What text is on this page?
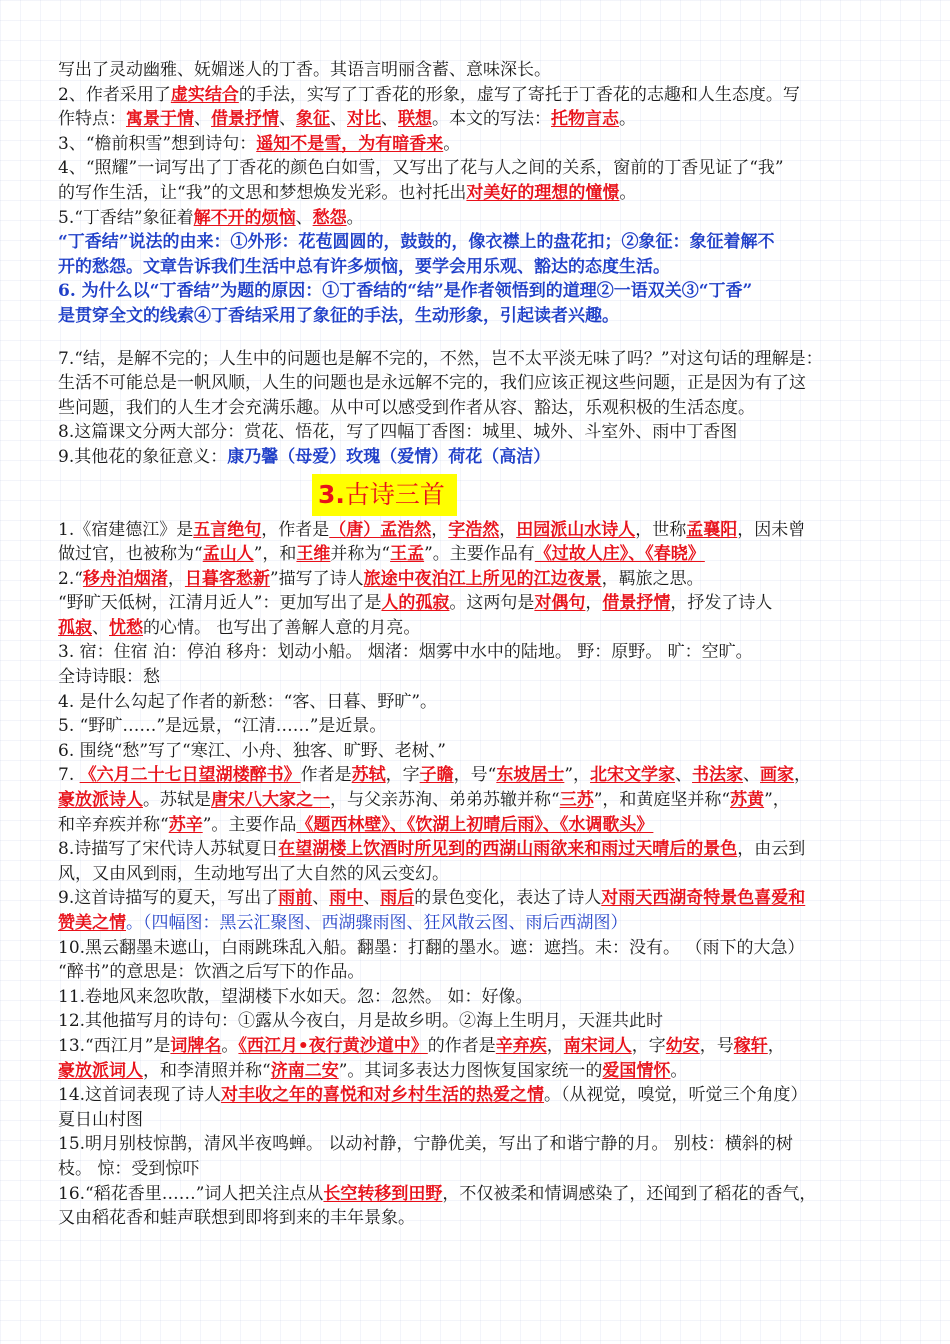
写出了灵动幽雅、妩媚迷人的丁香。其语言明丽含蓄、意味深长。
2、作者采用了虚实结合的手法，实写了丁香花的形象，虚写了寄托于丁香花的志趣和人生态度。写
作特点：寓景于情、借景抒情、象征、对比、联想。本文的写法：托物言志。
3、“檐前积雪”想到诗句：遥知不是雪，为有暗香来。
4、“照耀”一词写出了丁香花的颜色白如雪，又写出了花与人之间的关系，窗前的丁香见证了“我”
的写作生活，让“我”的文思和梦想焕发光彩。也衬托出对美好的理想的憧憬。
5.“丁香结”象征着解不开的烦恼、愁怨。
“丁香结”说法的由来：①外形：花苞圆圆的，鼓鼓的，像衣襟上的盘花扣；②象征：象征着解不
开的愁怨。文章告诉我们生活中总有许多烦恼，要学会用乐观、豁达的态度生活。
6. 为什么以“丁香结”为题的原因：①丁香结的“结”是作者领悟到的道理②一语双关③“丁香”
是贯穿全文的线索④丁香结采用了象征的手法，生动形象，引起读者兴趣。
7.“结，是解不完的；人生中的问题也是解不完的，不然，岂不太平淡无味了吗？”对这句话的理解是：
生活不可能总是一帆风顺，人生的问题也是永远解不完的，我们应该正视这些问题，正是因为有了这
些问题，我们的人生才会充满乐趣。从中可以感受到作者从容、豁达，乐观积极的生活态度。
8.这篇课文分两大部分：赏花、悟花，写了四幅丁香图：城里、城外、斗室外、雨中丁香图
9.其他花的象征意义：康乃馨（母爱）玫瑰（爱情）荷花（高洁）
3.古诗三首
1.《宿建德江》是五言绝句，作者是（唐）孟浩然，字浩然，田园派山水诗人，世称孟襄阳，因未曾
做过官，也被称为“孟山人”，和王维并称为“王孟”。主要作品有《过故人庄》、《春晓》
2.“移舟泊烟渚，日暮客愁新”描写了诗人旅途中夜泊江上所见的江边夜景，羁旅之思。
“野旷天低树，江清月近人”：更加写出了是人的孤寂。这两句是对偶句，借景抒情，抒发了诗人
孤寂、忧愁的心情。 也写出了善解人意的月亮。
3. 宿：住宿 泊：停泊 移舟：划动小船。 烟渚：烟雾中水中的陆地。 野：原野。 旷：空旷。
全诗诗眼：愁
4. 是什么勾起了作者的新愁：“客、日暮、野旷”。
5. “野旷……”是远景，“江清……”是近景。
6. 围绕“愁”写了“寒江、小舟、独客、旷野、老树、”
7. 《六月二十七日望湖楼醉书》作者是苏轼，字子瞻，号“东坡居士”，北宋文学家、书法家、画家，
豪放派诗人。苏轼是唐宋八大家之一，与父亲苏洵、弟弟苏辙并称“三苏”，和黄庭坚并称“苏黄”，
和辛弃疾并称“苏辛”。主要作品《题西林壁》、《饮湖上初晴后雨》、《水调歌头》
8.诗描写了宋代诗人苏轼夏日在望湖楼上饮酒时所见到的西湖山雨欲来和雨过天晴后的景色，由云到
风，又由风到雨，生动地写出了大自然的风云变幻。
9.这首诗描写的夏天，写出了雨前、雨中、雨后的景色变化，表达了诗人对雨天西湖奇特景色喜爱和
赞美之情。（四幅图：黑云汇聚图、西湖骤雨图、狂风散云图、雨后西湖图）
10.黑云翻墨未遮山，白雨跳珠乱入船。翻墨：打翻的墨水。遮：遮挡。未：没有。 （雨下的大急）
“醉书”的意思是：饮酒之后写下的作品。
11.卷地风来忽吹散，望湖楼下水如天。忽：忽然。 如：好像。
12.其他描写月的诗句：①露从今夜白，月是故乡明。②海上生明月，天涯共此时
13.“西江月”是词牌名。《西江月•夜行黄沙道中》的作者是辛弃疾，南宋词人，字幼安，号稼轩，
豪放派词人，和李清照并称“济南二安”。其词多表达力图恢复国家统一的爱国情怀。
14.这首词表现了诗人对丰收之年的喜悦和对乡村生活的热爱之情。（从视觉，嗅觉，听觉三个角度）
夏日山村图
15.明月别枝惊鹊，清风半夜鸣蝉。 以动衬静，宁静优美，写出了和谐宁静的月。 别枝：横斜的树
枝。 惊：受到惊吓
16.“稻花香里……”词人把关注点从长空转移到田野，不仅被柔和情调感染了，还闻到了稻花的香气，
又由稻花香和蛙声联想到即将到来的丰年景象。
